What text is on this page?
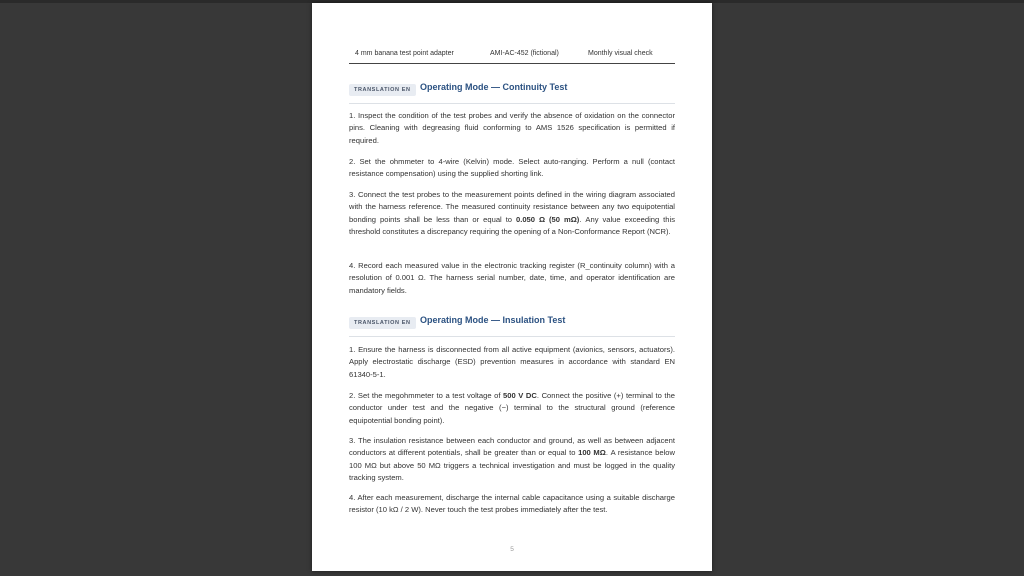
4 mm banana test point adapter	AMI-AC-452 (fictional)	Monthly visual check
TRANSLATION EN	Operating Mode — Continuity Test

1. Inspect the condition of the test probes and verify the absence of oxidation on the connector pins. Cleaning with degreasing fluid conforming to AMS 1526 specification is permitted if required.

2. Set the ohmmeter to 4-wire (Kelvin) mode. Select auto-ranging. Perform a null (contact resistance compensation) using the supplied shorting link.

3. Connect the test probes to the measurement points defined in the wiring diagram associated with the harness reference. The measured continuity resistance between any two equipotential bonding points shall be less than or equal to 0.050 Ω (50 mΩ). Any value exceeding this threshold constitutes a discrepancy requiring the opening of a Non-Conformance Report (NCR).

4. Record each measured value in the electronic tracking register (R_continuity column) with a resolution of 0.001 Ω. The harness serial number, date, time, and operator identification are mandatory fields.

TRANSLATION EN	Operating Mode — Insulation Test

1. Ensure the harness is disconnected from all active equipment (avionics, sensors, actuators). Apply electrostatic discharge (ESD) prevention measures in accordance with standard EN 61340-5-1.

2. Set the megohmmeter to a test voltage of 500 V DC. Connect the positive (+) terminal to the conductor under test and the negative (−) terminal to the structural ground (reference equipotential bonding point).

3. The insulation resistance between each conductor and ground, as well as between adjacent conductors at different potentials, shall be greater than or equal to 100 MΩ. A resistance below 100 MΩ but above 50 MΩ triggers a technical investigation and must be logged in the quality tracking system.

4. After each measurement, discharge the internal cable capacitance using a suitable discharge resistor (10 kΩ / 2 W). Never touch the test probes immediately after the test.

5
